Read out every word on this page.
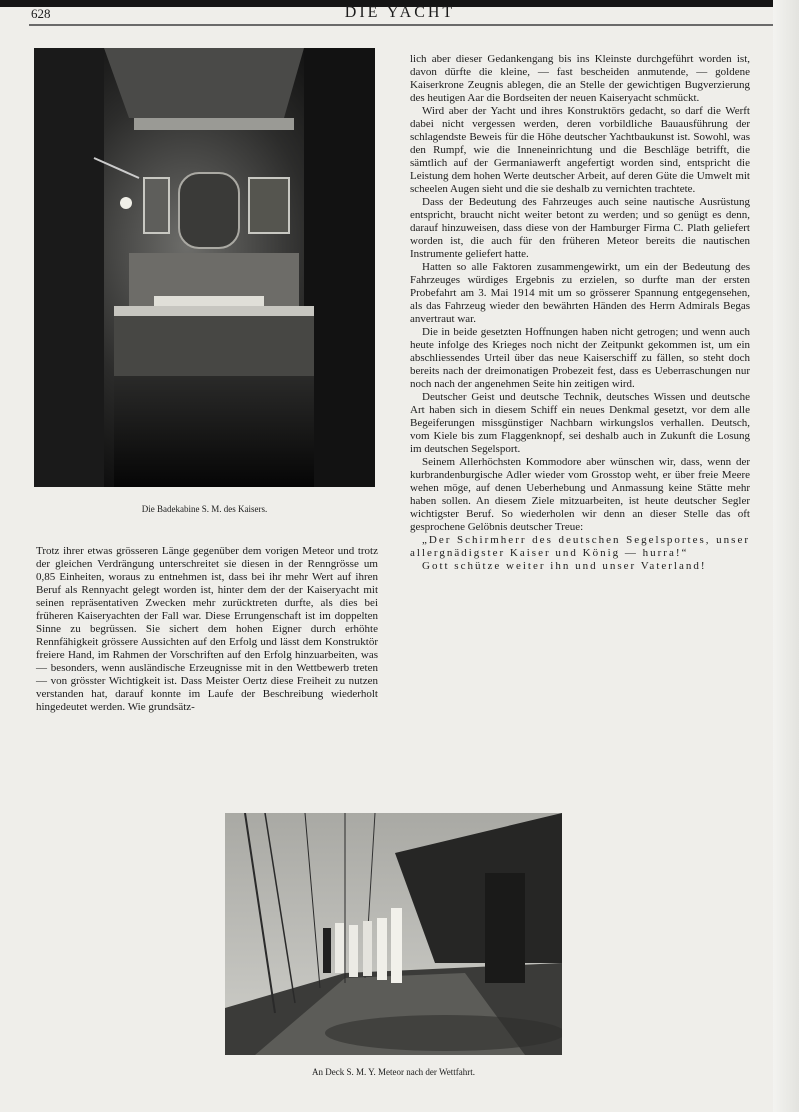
628	DIE YACHT
Die Badekabine S. M. des Kaisers.

Trotz ihrer etwas grösseren Länge gegenüber dem vorigen Meteor und trotz der gleichen Verdrängung unterschreitet sie diesen in der Renngrösse um 0,85 Einheiten, woraus zu entnehmen ist, dass bei ihr mehr Wert auf ihren Beruf als Rennyacht gelegt worden ist, hinter dem der der Kaiseryacht mit seinen repräsentativen Zwecken mehr zurücktreten durfte, als dies bei früheren Kaiseryachten der Fall war. Diese Errungenschaft ist im doppelten Sinne zu begrüssen. Sie sichert dem hohen Eigner durch erhöhte Rennfähigkeit grössere Aussichten auf den Erfolg und lässt dem Konstruktör freiere Hand, im Rahmen der Vorschriften auf den Erfolg hinzuarbeiten, was — besonders, wenn ausländische Erzeugnisse mit in den Wettbewerb treten — von grösster Wichtigkeit ist. Dass Meister Oertz diese Freiheit zu nutzen verstanden hat, darauf konnte im Laufe der Beschreibung wiederholt hingedeutet werden. Wie grundsätz-

lich aber dieser Gedankengang bis ins Kleinste durchgeführt worden ist, davon dürfte die kleine, — fast bescheiden anmutende, — goldene Kaiserkrone Zeugnis ablegen, die an Stelle der gewichtigen Bugverzierung des heutigen Aar die Bordseiten der neuen Kaiseryacht schmückt.

Wird aber der Yacht und ihres Konstruktörs gedacht, so darf die Werft dabei nicht vergessen werden, deren vorbildliche Bauausführung der schlagendste Beweis für die Höhe deutscher Yachtbaukunst ist. Sowohl, was den Rumpf, wie die Inneneinrichtung und die Beschläge betrifft, die sämtlich auf der Germaniawerft angefertigt worden sind, entspricht die Leistung dem hohen Werte deutscher Arbeit, auf deren Güte die Umwelt mit scheelen Augen sieht und die sie deshalb zu vernichten trachtete.

Dass der Bedeutung des Fahrzeuges auch seine nautische Ausrüstung entspricht, braucht nicht weiter betont zu werden; und so genügt es denn, darauf hinzuweisen, dass diese von der Hamburger Firma C. Plath geliefert worden ist, die auch für den früheren Meteor bereits die nautischen Instrumente geliefert hatte.

Hatten so alle Faktoren zusammengewirkt, um ein der Bedeutung des Fahrzeuges würdiges Ergebnis zu erzielen, so durfte man der ersten Probefahrt am 3. Mai 1914 mit um so grösserer Spannung entgegensehen, als das Fahrzeug wieder den bewährten Händen des Herrn Admirals Begas anvertraut war.

Die in beide gesetzten Hoffnungen haben nicht getrogen; und wenn auch heute infolge des Krieges noch nicht der Zeitpunkt gekommen ist, um ein abschliessendes Urteil über das neue Kaiserschiff zu fällen, so steht doch bereits nach der dreimonatigen Probezeit fest, dass es Ueberraschungen nur noch nach der angenehmen Seite hin zeitigen wird.

Deutscher Geist und deutsche Technik, deutsches Wissen und deutsche Art haben sich in diesem Schiff ein neues Denkmal gesetzt, vor dem alle Begeiferungen missgünstiger Nachbarn wirkungslos verhallen. Deutsch, vom Kiele bis zum Flaggenknopf, sei deshalb auch in Zukunft die Losung im deutschen Segelsport.

Seinem Allerhöchsten Kommodore aber wünschen wir, dass, wenn der kurbrandenburgische Adler wieder vom Grosstop weht, er über freie Meere wehen möge, auf denen Ueberhebung und Anmassung keine Stätte mehr haben sollen. An diesem Ziele mitzuarbeiten, ist heute deutscher Segler wichtigster Beruf. So wiederholen wir denn an dieser Stelle das oft gesprochene Gelöbnis deutscher Treue:

„Der Schirmherr des deutschen Segelsportes, unser allergnädigster Kaiser und König — hurra!“

Gott schütze weiter ihn und unser Vaterland!

An Deck S. M. Y. Meteor nach der Wettfahrt.
